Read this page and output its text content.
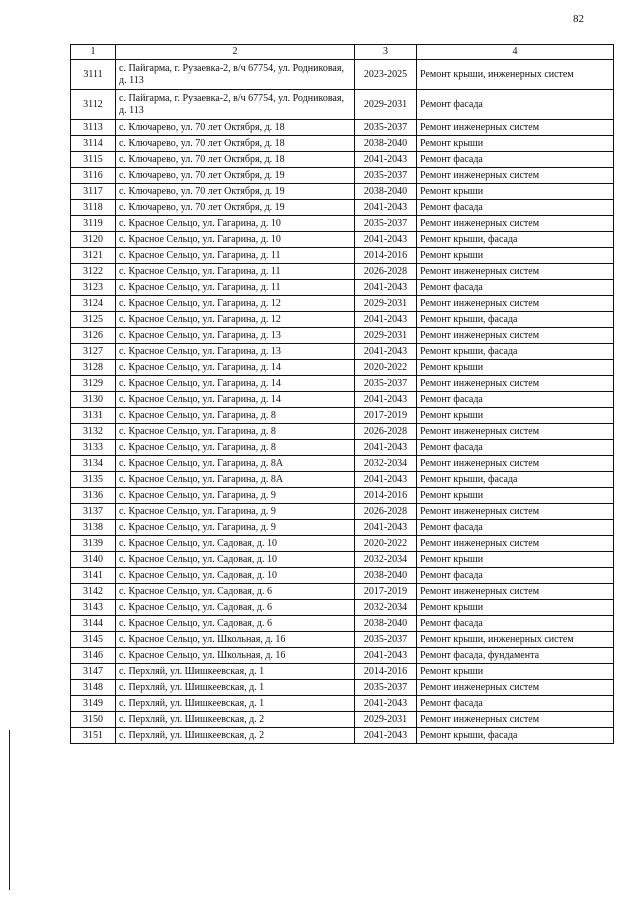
82
1	2	3	4
3111	с. Пайгарма, г. Рузаевка-2, в/ч 67754, ул. Родниковая, д. 113	2023-2025	Ремонт крыши, инженерных систем
3112	с. Пайгарма, г. Рузаевка-2, в/ч 67754, ул. Родниковая, д. 113	2029-2031	Ремонт фасада
3113	с. Ключарево, ул. 70 лет Октября, д. 18	2035-2037	Ремонт инженерных систем
3114	с. Ключарево, ул. 70 лет Октября, д. 18	2038-2040	Ремонт крыши
3115	с. Ключарево, ул. 70 лет Октября, д. 18	2041-2043	Ремонт фасада
3116	с. Ключарево, ул. 70 лет Октября, д. 19	2035-2037	Ремонт инженерных систем
3117	с. Ключарево, ул. 70 лет Октября, д. 19	2038-2040	Ремонт крыши
3118	с. Ключарево, ул. 70 лет Октября, д. 19	2041-2043	Ремонт фасада
3119	с. Красное Сельцо, ул. Гагарина, д. 10	2035-2037	Ремонт инженерных систем
3120	с. Красное Сельцо, ул. Гагарина, д. 10	2041-2043	Ремонт крыши, фасада
3121	с. Красное Сельцо, ул. Гагарина, д. 11	2014-2016	Ремонт крыши
3122	с. Красное Сельцо, ул. Гагарина, д. 11	2026-2028	Ремонт инженерных систем
3123	с. Красное Сельцо, ул. Гагарина, д. 11	2041-2043	Ремонт фасада
3124	с. Красное Сельцо, ул. Гагарина, д. 12	2029-2031	Ремонт инженерных систем
3125	с. Красное Сельцо, ул. Гагарина, д. 12	2041-2043	Ремонт крыши, фасада
3126	с. Красное Сельцо, ул. Гагарина, д. 13	2029-2031	Ремонт инженерных систем
3127	с. Красное Сельцо, ул. Гагарина, д. 13	2041-2043	Ремонт крыши, фасада
3128	с. Красное Сельцо, ул. Гагарина, д. 14	2020-2022	Ремонт крыши
3129	с. Красное Сельцо, ул. Гагарина, д. 14	2035-2037	Ремонт инженерных систем
3130	с. Красное Сельцо, ул. Гагарина, д. 14	2041-2043	Ремонт фасада
3131	с. Красное Сельцо, ул. Гагарина, д. 8	2017-2019	Ремонт крыши
3132	с. Красное Сельцо, ул. Гагарина, д. 8	2026-2028	Ремонт инженерных систем
3133	с. Красное Сельцо, ул. Гагарина, д. 8	2041-2043	Ремонт фасада
3134	с. Красное Сельцо, ул. Гагарина, д. 8А	2032-2034	Ремонт инженерных систем
3135	с. Красное Сельцо, ул. Гагарина, д. 8А	2041-2043	Ремонт крыши, фасада
3136	с. Красное Сельцо, ул. Гагарина, д. 9	2014-2016	Ремонт крыши
3137	с. Красное Сельцо, ул. Гагарина, д. 9	2026-2028	Ремонт инженерных систем
3138	с. Красное Сельцо, ул. Гагарина, д. 9	2041-2043	Ремонт фасада
3139	с. Красное Сельцо, ул. Садовая, д. 10	2020-2022	Ремонт инженерных систем
3140	с. Красное Сельцо, ул. Садовая, д. 10	2032-2034	Ремонт крыши
3141	с. Красное Сельцо, ул. Садовая, д. 10	2038-2040	Ремонт фасада
3142	с. Красное Сельцо, ул. Садовая, д. 6	2017-2019	Ремонт инженерных систем
3143	с. Красное Сельцо, ул. Садовая, д. 6	2032-2034	Ремонт крыши
3144	с. Красное Сельцо, ул. Садовая, д. 6	2038-2040	Ремонт фасада
3145	с. Красное Сельцо, ул. Школьная, д. 16	2035-2037	Ремонт крыши, инженерных систем
3146	с. Красное Сельцо, ул. Школьная, д. 16	2041-2043	Ремонт фасада, фундамента
3147	с. Перхляй, ул. Шишкеевская, д. 1	2014-2016	Ремонт крыши
3148	с. Перхляй, ул. Шишкеевская, д. 1	2035-2037	Ремонт инженерных систем
3149	с. Перхляй, ул. Шишкеевская, д. 1	2041-2043	Ремонт фасада
3150	с. Перхляй, ул. Шишкеевская, д. 2	2029-2031	Ремонт инженерных систем
3151	с. Перхляй, ул. Шишкеевская, д. 2	2041-2043	Ремонт крыши, фасада
